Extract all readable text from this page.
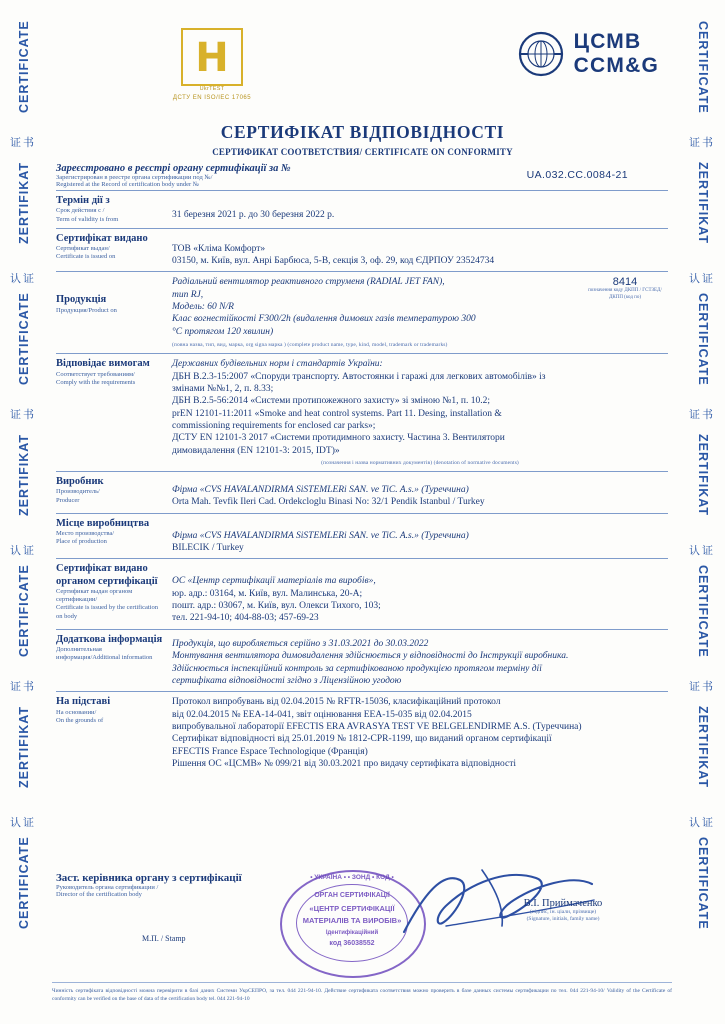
CERTIFICATE
证书
ZERTIFIKAT
认证
CERTIFICATE
证书
ZERTIFIKAT
认证
CERTIFICATE
证书
ZERTIFIKAT
认证
CERTIFICATE
CERTIFICATE
证书
ZERTIFIKAT
认证
CERTIFICATE
证书
ZERTIFIKAT
认证
CERTIFICATE
证书
ZERTIFIKAT
认证
CERTIFICATE
Н
UkrTEST
ДСТУ EN ISO/IEC 17065
ЦСМВ
CCM&G
СЕРТИФІКАТ ВІДПОВІДНОСТІ
СЕРТИФИКАТ СООТВЕТСТВИЯ/ CERTIFICATE ON CONFORMITY
Зареєстровано в реєстрі органу сертифікації за №
Зарегистрирован в реестре органа сертификации под №/
Registered at the Record of certification body under №
UA.032.CC.0084-21
Термін дії з
Срок действия с /
Term of validity is from	31 березня 2021 р. до 30 березня 2022 р.
Сертифікат видано
Сертификат выдан/
Certificate is issued on
ТОВ «Кліма Комфорт»
03150, м. Київ, вул. Анрі Барбюса, 5-В, секція 3, оф. 29, код ЄДРПОУ 23524734
Продукція
Продукция/Product on
Радіальний вентилятор реактивного струменя (RADIAL JET FAN),
тип RJ,
Модель: 60 N/R
Клас вогнестійкості F300/2h (видалення димових газів температурою 300
°С протягом 120 хвилин)
(повна назва, тип, вид, марка, org signa марка ) (complete product name, type, kind, model, trademark or trademarks)
8414
позначення коду ДКПП / ГСТЗЕД/ДКПП (код по)
Відповідає вимогам
Соответствует требованиям/
Comply with the requirements
Державних будівельних норм і стандартів України:
ДБН В.2.3-15:2007 «Споруди транспорту. Автостоянки і гаражі для легкових автомобілів» із
змінами №№1, 2, п. 8.33;
ДБН В.2.5-56:2014 «Системи протипожежного захисту» зі зміною №1, п. 10.2;
prEN 12101-11:2011 «Smoke and heat control systems. Part 11. Desing, installation &
commissioning requirements for enclosed car parks»;
ДСТУ EN 12101-3 2017 «Системи протидимного захисту. Частина 3. Вентилятори
димовидалення (EN 12101-3: 2015, IDT)»
(позначення і назва нормативних документів) (denotation of normative documents)
Виробник
Производитель/
Producer
Фірма «CVS HAVALANDIRMA SiSTEMLERi SAN. ve TiC. A.s.» (Туреччина)
Orta Mah. Tevfik Ileri Cad. Ordekcloglu Binasi No: 32/1 Pendik Istanbul / Turkey
Місце виробництва
Место производства/
Place of production
Фірма «CVS HAVALANDIRMA SiSTEMLERi SAN. ve TiC. A.s.» (Туреччина)
BILECIK / Turkey
Сертифікат видано органом сертифікації
Сертификат выдан органом сертификации/
Certificate is issued by the certification on body
ОС «Центр сертифікації матеріалів та виробів»,
юр. адр.: 03164, м. Київ, вул. Малинська, 20-А;
пошт. адр.: 03067, м. Київ, вул. Олекси Тихого, 103;
тел. 221-94-10; 404-88-03; 457-69-23
Додаткова інформація
Дополнительная информация/Additional information
Продукція, що виробляється серійно з 31.03.2021 до 30.03.2022
Монтування вентилятора димовидалення здійснюється у відповідності до Інструкції виробника.
Здійснюється інспекційний контроль за сертифікованою продукцією протягом терміну дії
сертифіката відповідності згідно з Ліцензійною угодою
На підставі
На основании/
On the grounds of
Протокол випробувань від 02.04.2015 № RFTR-15036, класифікаційний протокол
від 02.04.2015 № EEA-14-041, звіт оцінювання EEA-15-035 від 02.04.2015
випробувальної лабораторії EFECTIS ERA AVRASYA TEST VE BELGELENDIRME A.S. (Туреччина)
Сертифікат відповідності від 25.01.2019 № 1812-CPR-1199, що виданий органом сертифікації
EFECTIS France Espace Technologique (Франція)
Рішення ОС «ЦСМВ» № 099/21 від 30.03.2021 про видачу сертифіката відповідності
Заст. керівника органу з сертифікації
Руководитель органа сертификации /
Director of the certification body
М.П. / Stamp
• УКРАЇНА • • ЗОНД • КОД •
ОРГАН СЕРТИФІКАЦІЇ
«ЦЕНТР СЕРТИФІКАЦІЇ
МАТЕРІАЛІВ ТА ВИРОБІВ»
Ідентифікаційний
код 36038552
В.І. Приймаченко
(підпис, ін. ціали, прізвище)
(Signature, initials, family name)
Чинність сертифіката відповідності можна перевірити в базі даних Системи УкрСЕПРО, за тел. 044 221-94-10. Действие сертификата соответствия можно проверить в базе данных системы сертификации по тел. 044 221-94-10/ Validity of the Certificate of conformity can be verified on the base of data of the certification body tel. 044 221-94-10
